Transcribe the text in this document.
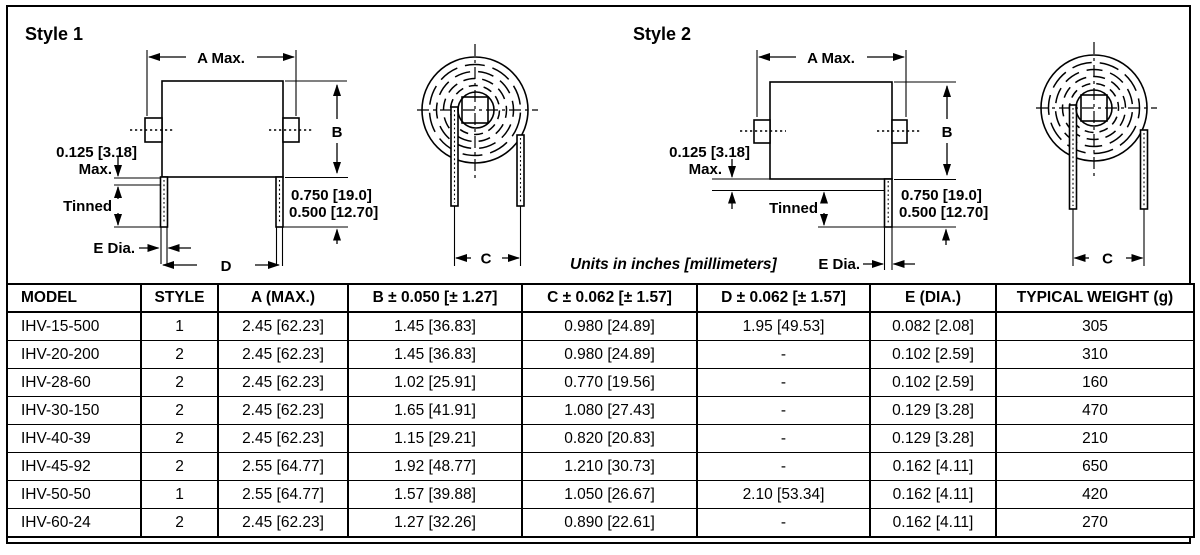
Style 1
A Max.
B
0.125 [3.18]
Max.
Tinned
0.750 [19.0]
0.500 [12.70]
E Dia.
D	C
Style 2
A Max.
B
0.125 [3.18]
Max.
Tinned
0.750 [19.0]
0.500 [12.70]
E Dia.	C
Units in inches [millimeters]
MODEL	STYLE	A (MAX.)	B ± 0.050 [± 1.27]	C ± 0.062 [± 1.57]	D ± 0.062 [± 1.57]	E (DIA.)	TYPICAL WEIGHT (g)
IHV-15-500	1	2.45 [62.23]	1.45 [36.83]	0.980 [24.89]	1.95 [49.53]	0.082 [2.08]	305
IHV-20-200	2	2.45 [62.23]	1.45 [36.83]	0.980 [24.89]	-	0.102 [2.59]	310
IHV-28-60	2	2.45 [62.23]	1.02 [25.91]	0.770 [19.56]	-	0.102 [2.59]	160
IHV-30-150	2	2.45 [62.23]	1.65 [41.91]	1.080 [27.43]	-	0.129 [3.28]	470
IHV-40-39	2	2.45 [62.23]	1.15 [29.21]	0.820 [20.83]	-	0.129 [3.28]	210
IHV-45-92	2	2.55 [64.77]	1.92 [48.77]	1.210 [30.73]	-	0.162 [4.11]	650
IHV-50-50	1	2.55 [64.77]	1.57 [39.88]	1.050 [26.67]	2.10 [53.34]	0.162 [4.11]	420
IHV-60-24	2	2.45 [62.23]	1.27 [32.26]	0.890 [22.61]	-	0.162 [4.11]	270
